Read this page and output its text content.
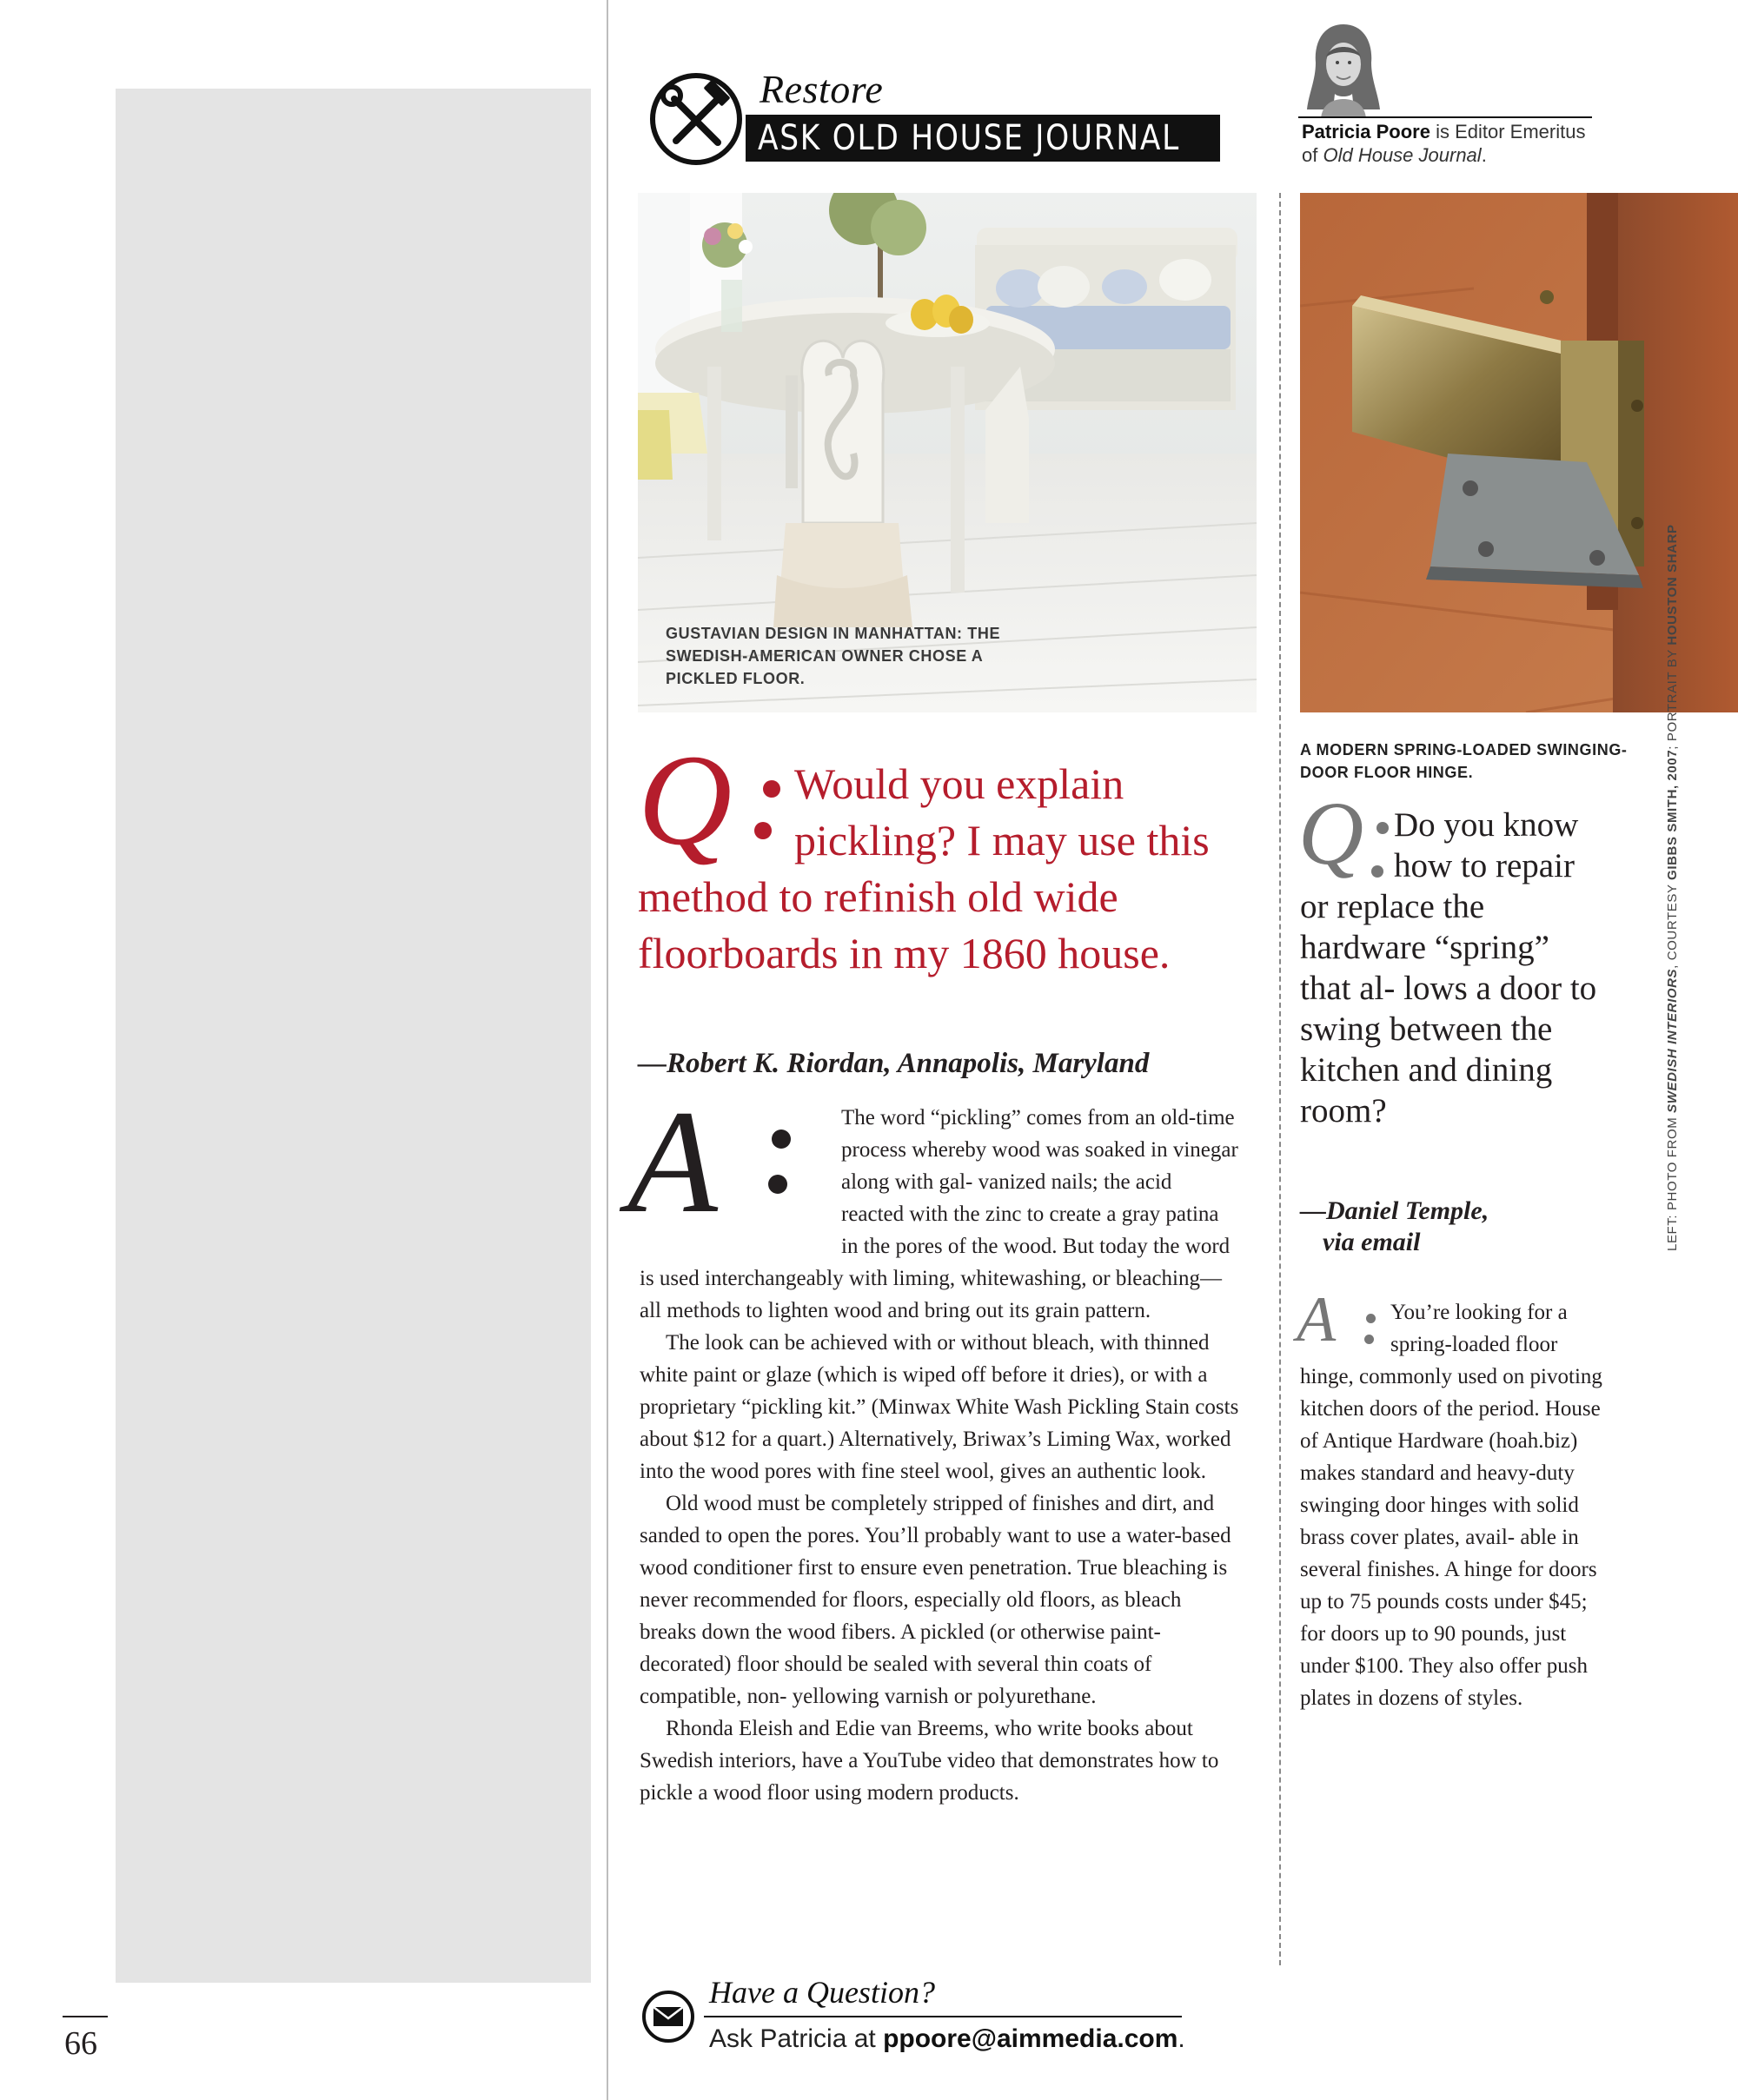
66
Restore
ASK OLD HOUSE JOURNAL	Patricia Poore is Editor Emeritus of Old House Journal.
GUSTAVIAN DESIGN IN MANHATTAN: THE SWEDISH-AMERICAN OWNER CHOSE A PICKLED FLOOR.
A MODERN SPRING-LOADED SWINGING-DOOR FLOOR HINGE.
Q	Would you explain pickling? I may use this method to refinish old wide floorboards in my 1860 house.
—Robert K. Riordan, Annapolis, Maryland
A	The word “pickling” comes from an old-time process whereby wood was soaked in vinegar along with gal- vanized nails; the acid reacted with the zinc to create a gray patina in the pores of the wood. But today the word is used interchangeably with liming, whitewashing, or bleaching—all methods to lighten wood and bring out its grain pattern.

The look can be achieved with or without bleach, with thinned white paint or glaze (which is wiped off before it dries), or with a proprietary “pickling kit.” (Minwax White Wash Pickling Stain costs about $12 for a quart.) Alternatively, Briwax’s Liming Wax, worked into the wood pores with fine steel wool, gives an authentic look.

Old wood must be completely stripped of finishes and dirt, and sanded to open the pores. You’ll probably want to use a water-based wood conditioner first to ensure even penetration. True bleaching is never recommended for floors, especially old floors, as bleach breaks down the wood fibers. A pickled (or otherwise paint-decorated) floor should be sealed with several thin coats of compatible, non- yellowing varnish or polyurethane.

Rhonda Eleish and Edie van Breems, who write books about Swedish interiors, have a YouTube video that demonstrates how to pickle a wood floor using modern products.

Q Do you know how to repair or replace the hardware “spring” that al- lows a door to swing between the kitchen and dining room?
—Daniel Temple,
via email
A	You’re looking for a spring-loaded floor hinge, commonly used on pivoting kitchen doors of the period. House of Antique Hardware (hoah.biz) makes standard and heavy-duty swinging door hinges with solid brass cover plates, avail- able in several finishes. A hinge for doors up to 75 pounds costs under $45; for doors up to 90 pounds, just under $100. They also offer push plates in dozens of styles.

LEFT: PHOTO FROM SWEDISH INTERIORS, COURTESY GIBBS SMITH, 2007; PORTRAIT BY HOUSTON SHARP
Have a Question?
Ask Patricia at ppoore@aimmedia.com.
